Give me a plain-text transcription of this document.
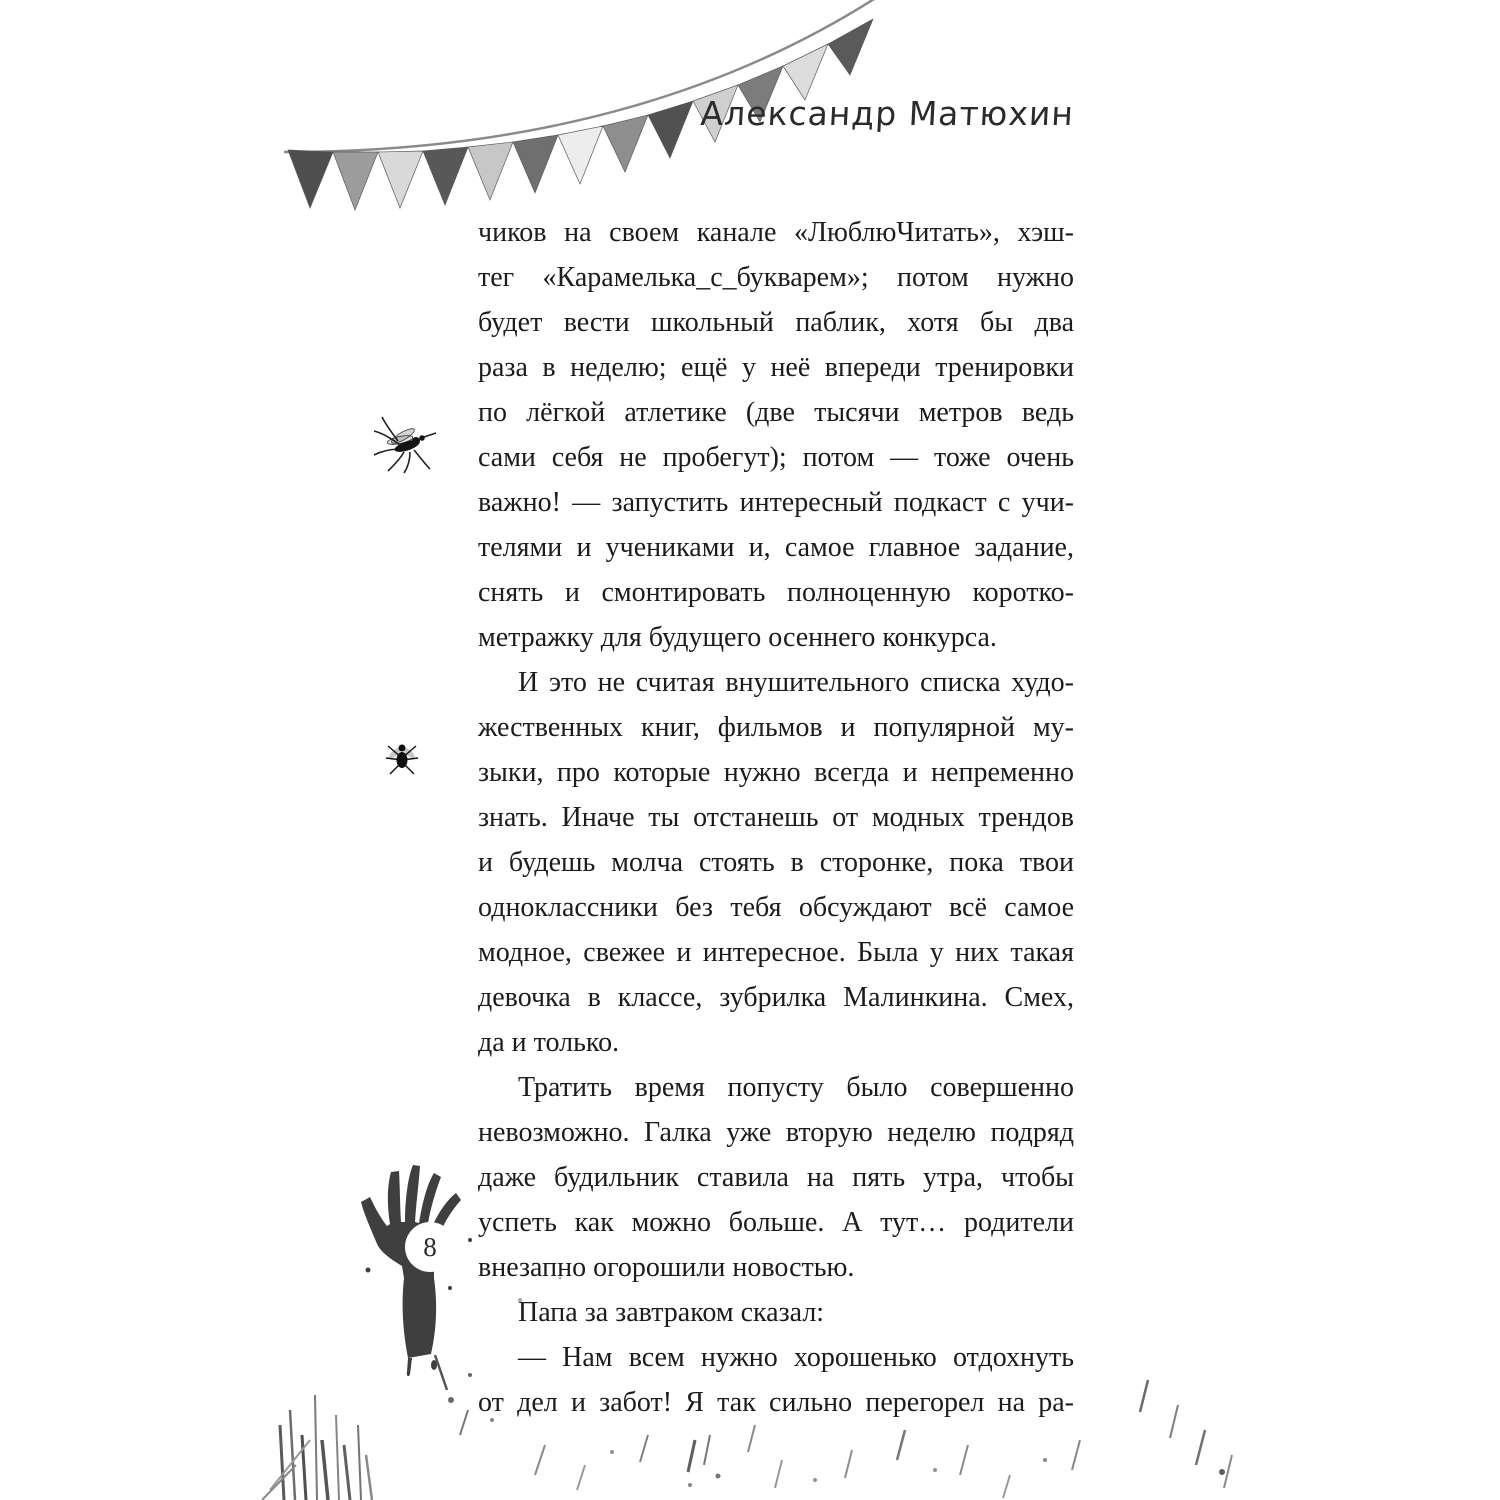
Александр Матюхин
чиков на своем канале «ЛюблюЧитать», хэш-
тег «Карамелька_с_букварем»; потом нужно
будет вести школьный паблик, хотя бы два
раза в неделю; ещё у неё впереди тренировки
по лёгкой атлетике (две тысячи метров ведь
сами себя не пробегут); потом — тоже очень
важно! — запустить интересный подкаст с учи-
телями и учениками и, самое главное задание,
снять и смонтировать полноценную коротко-
метражку для будущего осеннего конкурса.
И это не считая внушительного списка худо-
жественных книг, фильмов и популярной му-
зыки, про которые нужно всегда и непременно
знать. Иначе ты отстанешь от модных трендов
и будешь молча стоять в сторонке, пока твои
одноклассники без тебя обсуждают всё самое
модное, свежее и интересное. Была у них такая
девочка в классе, зубрилка Малинкина. Смех,
да и только.
Тратить время попусту было совершенно
невозможно. Галка уже вторую неделю подряд
даже будильник ставила на пять утра, чтобы
успеть как можно больше. А тут… родители
внезапно огорошили новостью.
Папа за завтраком сказал:
— Нам всем нужно хорошенько отдохнуть
от дел и забот! Я так сильно перегорел на ра-
8
